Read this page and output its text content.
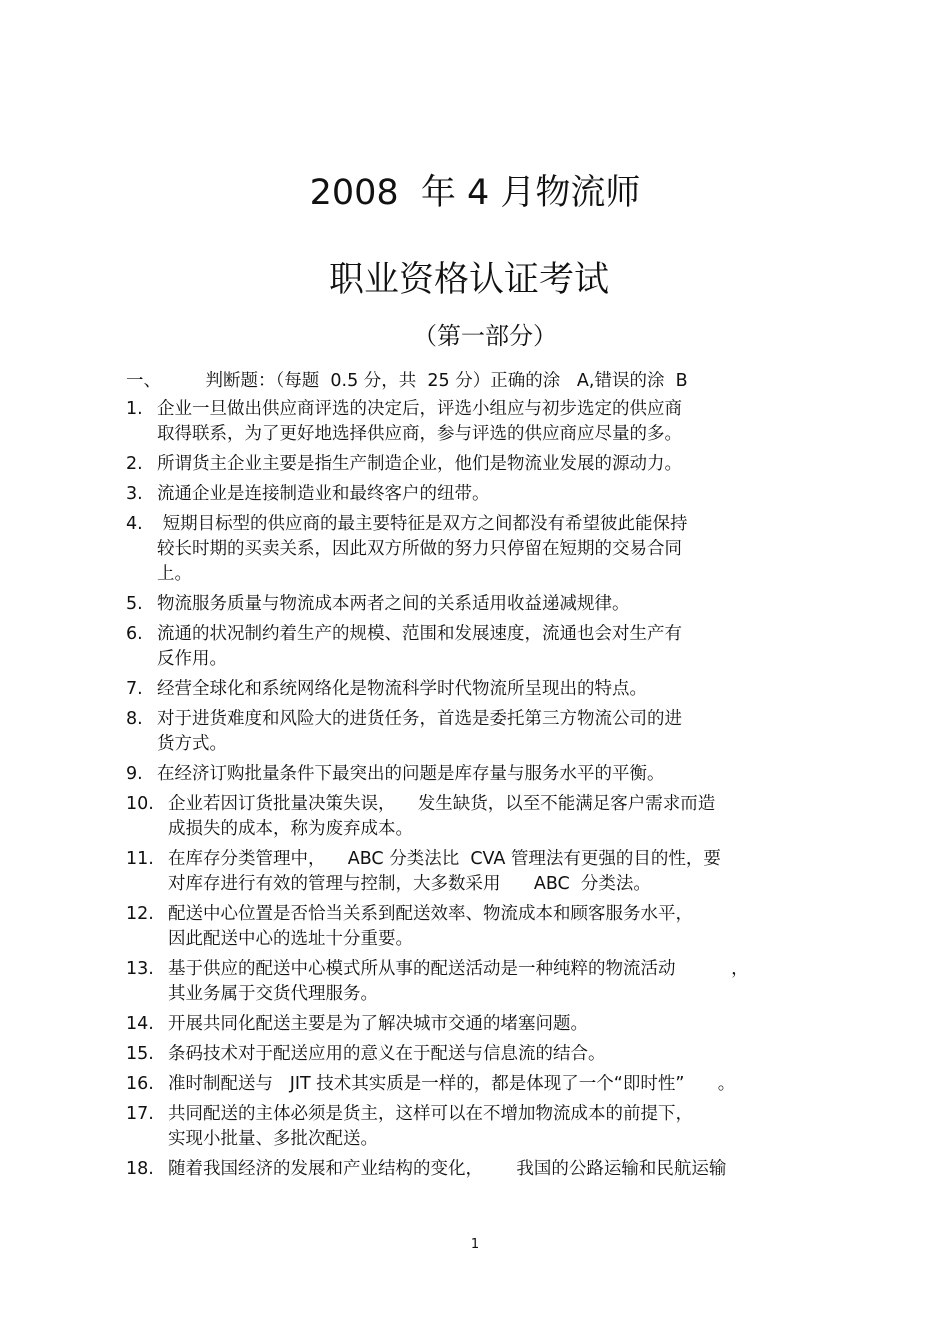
2008  年 4 月物流师
职业资格认证考试
（第一部分）
一、	判断题：（每题  0.5 分，共  25 分）正确的涂   A,错误的涂  B
1. 企业一旦做出供应商评选的决定后，评选小组应与初步选定的供应商
取得联系，为了更好地选择供应商，参与评选的供应商应尽量的多。
2. 所谓货主企业主要是指生产制造企业，他们是物流业发展的源动力。
3. 流通企业是连接制造业和最终客户的纽带。
4. 短期目标型的供应商的最主要特征是双方之间都没有希望彼此能保持
较长时期的买卖关系，因此双方所做的努力只停留在短期的交易合同
上。
5. 物流服务质量与物流成本两者之间的关系适用收益递减规律。
6. 流通的状况制约着生产的规模、范围和发展速度，流通也会对生产有
反作用。
7. 经营全球化和系统网络化是物流科学时代物流所呈现出的特点。
8. 对于进货难度和风险大的进货任务，首选是委托第三方物流公司的进
货方式。
9. 在经济订购批量条件下最突出的问题是库存量与服务水平的平衡。
10. 企业若因订货批量决策失误，    发生缺货，以至不能满足客户需求而造
成损失的成本，称为废弃成本。
11. 在库存分类管理中，    ABC 分类法比  CVA 管理法有更强的目的性，要
对库存进行有效的管理与控制，大多数采用      ABC  分类法。
12. 配送中心位置是否恰当关系到配送效率、物流成本和顾客服务水平，
因此配送中心的选址十分重要。
13. 基于供应的配送中心模式所从事的配送活动是一种纯粹的物流活动          ，
其业务属于交货代理服务。
14. 开展共同化配送主要是为了解决城市交通的堵塞问题。
15. 条码技术对于配送应用的意义在于配送与信息流的结合。
16. 准时制配送与   JIT 技术其实质是一样的，都是体现了一个“即时性”      。
17. 共同配送的主体必须是货主，这样可以在不增加物流成本的前提下，
实现小批量、多批次配送。
18. 随着我国经济的发展和产业结构的变化，      我国的公路运输和民航运输
1
